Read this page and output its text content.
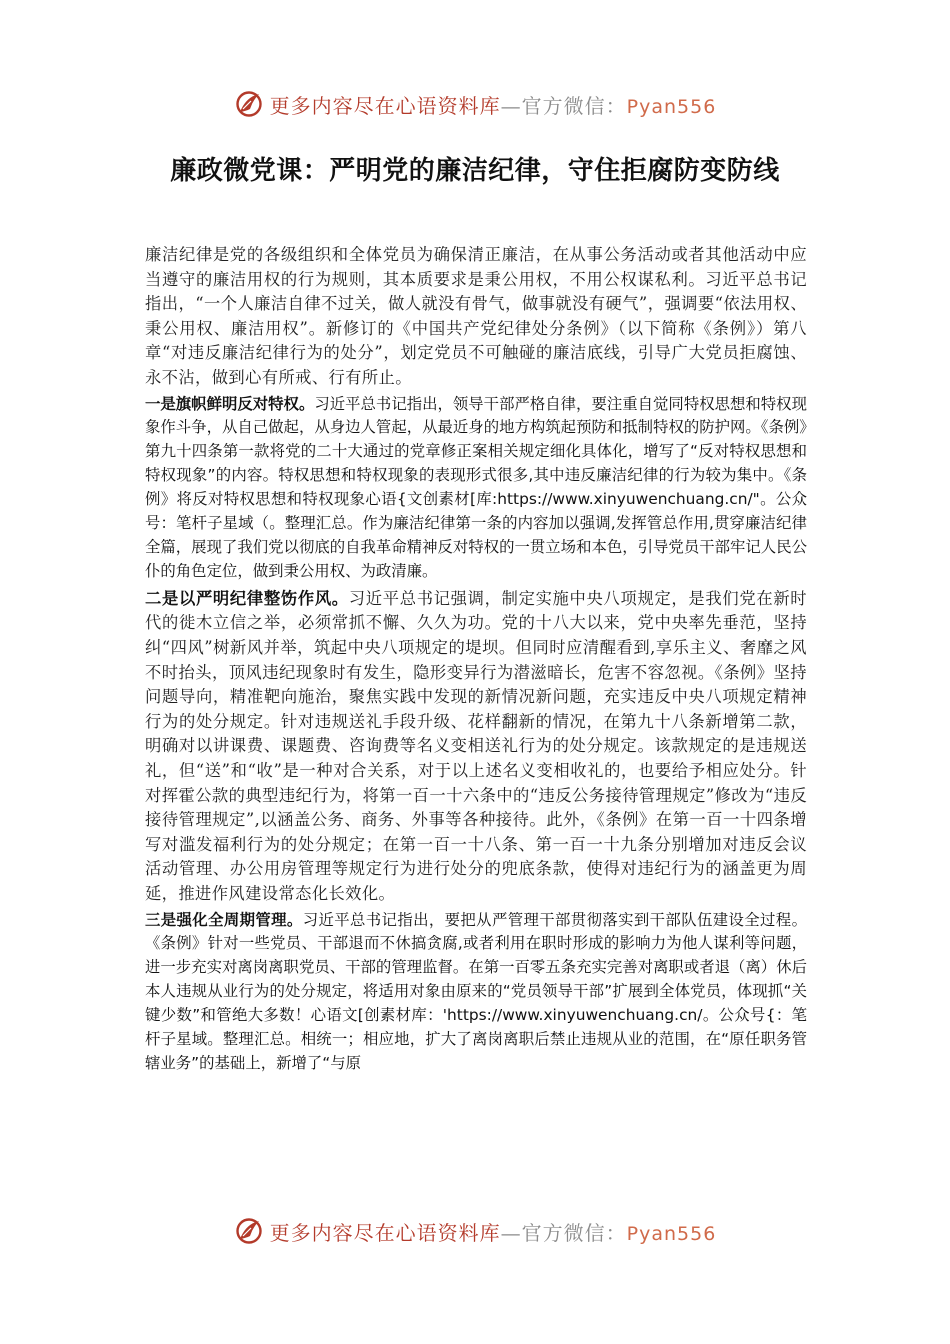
更多内容尽在心语资料库—官方微信：Pyan556
廉政微党课：严明党的廉洁纪律，守住拒腐防变防线

廉洁纪律是党的各级组织和全体党员为确保清正廉洁，在从事公务活动或者其他活动中应当遵守的廉洁用权的行为规则，其本质要求是秉公用权，不用公权谋私利。习近平总书记指出，“一个人廉洁自律不过关，做人就没有骨气，做事就没有硬气”，强调要“依法用权、秉公用权、廉洁用权”。新修订的《中国共产党纪律处分条例》（以下简称《条例》）第八章“对违反廉洁纪律行为的处分”，划定党员不可触碰的廉洁底线，引导广大党员拒腐蚀、永不沾，做到心有所戒、行有所止。

一是旗帜鲜明反对特权。习近平总书记指出，领导干部严格自律，要注重自觉同特权思想和特权现象作斗争，从自己做起，从身边人管起，从最近身的地方构筑起预防和抵制特权的防护网。《条例》第九十四条第一款将党的二十大通过的党章修正案相关规定细化具体化，增写了“反对特权思想和特权现象”的内容。特权思想和特权现象的表现形式很多,其中违反廉洁纪律的行为较为集中。《条例》将反对特权思想和特权现象心语{文创素材[库:https://www.xinyuwenchuang.cn/"。公众号：笔杆子星域（。整理汇总。作为廉洁纪律第一条的内容加以强调,发挥管总作用,贯穿廉洁纪律全篇，展现了我们党以彻底的自我革命精神反对特权的一贯立场和本色，引导党员干部牢记人民公仆的角色定位，做到秉公用权、为政清廉。

二是以严明纪律整饬作风。习近平总书记强调，制定实施中央八项规定，是我们党在新时代的徙木立信之举，必须常抓不懈、久久为功。党的十八大以来，党中央率先垂范，坚持纠“四风”树新风并举，筑起中央八项规定的堤坝。但同时应清醒看到,享乐主义、奢靡之风不时抬头，顶风违纪现象时有发生，隐形变异行为潜滋暗长，危害不容忽视。《条例》坚持问题导向，精准靶向施治，聚焦实践中发现的新情况新问题，充实违反中央八项规定精神行为的处分规定。针对违规送礼手段升级、花样翻新的情况，在第九十八条新增第二款，明确对以讲课费、课题费、咨询费等名义变相送礼行为的处分规定。该款规定的是违规送礼，但“送”和“收”是一种对合关系，对于以上述名义变相收礼的，也要给予相应处分。针对挥霍公款的典型违纪行为，将第一百一十六条中的“违反公务接待管理规定”修改为“违反接待管理规定”,以涵盖公务、商务、外事等各种接待。此外，《条例》在第一百一十四条增写对滥发福利行为的处分规定；在第一百一十八条、第一百一十九条分别增加对违反会议活动管理、办公用房管理等规定行为进行处分的兜底条款，使得对违纪行为的涵盖更为周延，推进作风建设常态化长效化。

三是强化全周期管理。习近平总书记指出，要把从严管理干部贯彻落实到干部队伍建设全过程。《条例》针对一些党员、干部退而不休搞贪腐,或者利用在职时形成的影响力为他人谋利等问题，进一步充实对离岗离职党员、干部的管理监督。在第一百零五条充实完善对离职或者退（离）休后本人违规从业行为的处分规定，将适用对象由原来的“党员领导干部”扩展到全体党员，体现抓“关键少数”和管绝大多数！心语文[创素材库：'https://www.xinyuwenchuang.cn/。公众号{：笔杆子星域。整理汇总。相统一；相应地，扩大了离岗离职后禁止违规从业的范围，在“原任职务管辖业务”的基础上，新增了“与原

更多内容尽在心语资料库—官方微信：Pyan556
